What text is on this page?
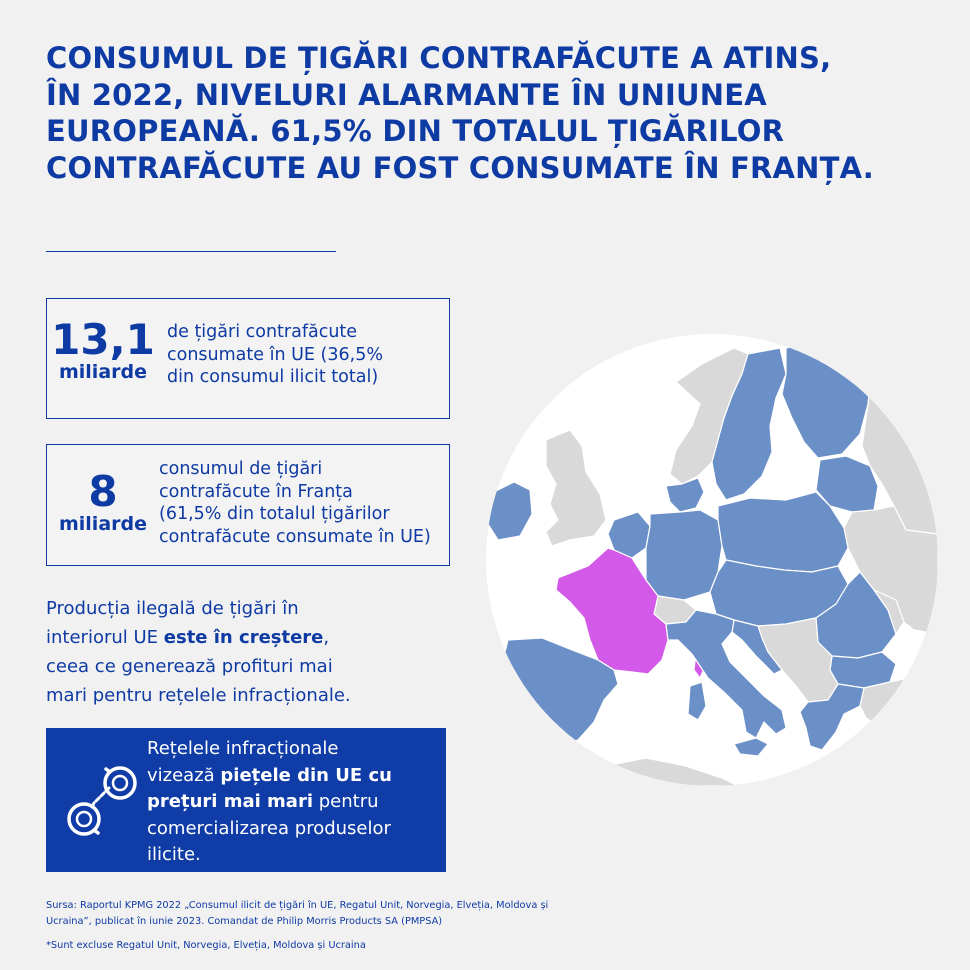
CONSUMUL DE ȚIGĂRI CONTRAFĂCUTE A ATINS,
ÎN 2022, NIVELURI ALARMANTE ÎN UNIUNEA
EUROPEANĂ. 61,5% DIN TOTALUL ȚIGĂRILOR
CONTRAFĂCUTE AU FOST CONSUMATE ÎN FRANȚA.
13,1
miliarde
de țigări contrafăcute
consumate în UE (36,5%
din consumul ilicit total)
8
miliarde
consumul de țigări
contrafăcute în Franța
(61,5% din totalul țigărilor
contrafăcute consumate în UE)
Producția ilegală de țigări în
interiorul UE este în creștere,
ceea ce generează profituri mai
mari pentru rețelele infracționale.
Rețelele infracționale
vizează piețele din UE cu
prețuri mai mari pentru
comercializarea produselor
ilicite.
Sursa: Raportul KPMG 2022 „Consumul ilicit de țigări în UE, Regatul Unit, Norvegia, Elveția, Moldova și Ucraina”, publicat în iunie 2023. Comandat de Philip Morris Products SA (PMPSA)
*Sunt excluse Regatul Unit, Norvegia, Elveția, Moldova și Ucraina
